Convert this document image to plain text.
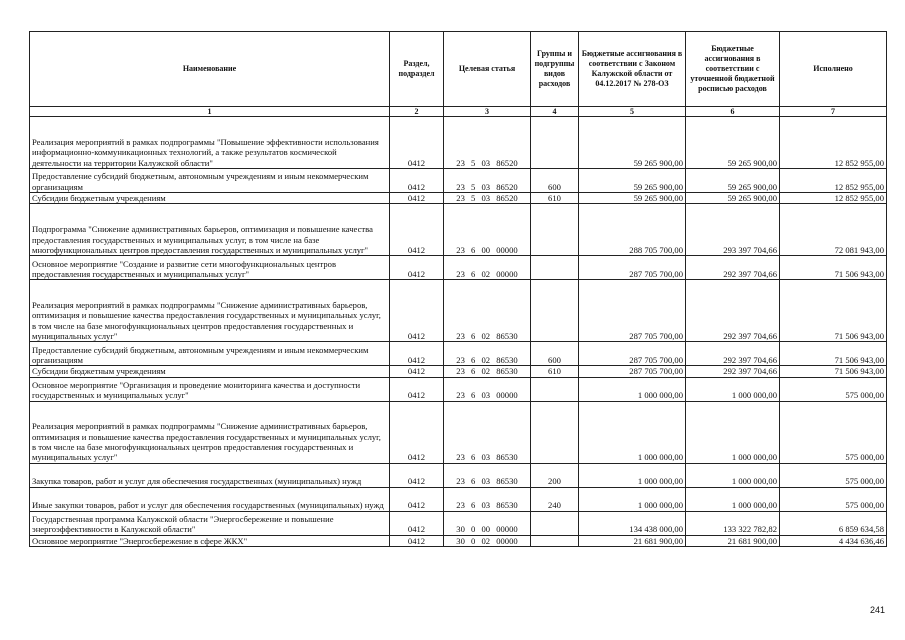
Наименование	Раздел, подраздел	Целевая статья	Группы и подгруппы видов расходов	Бюджетные ассигнования в соответствии с Законом Калужской области от 04.12.2017 № 278-ОЗ	Бюджетные ассигнования в соответствии с уточненной бюджетной росписью расходов	Исполнено
1	2	3	4	5	6	7
Реализация мероприятий в рамках подпрограммы "Повышение эффективности использования информационно-коммуникационных технологий, а также результатов космической деятельности на территории Калужской области"	0412	23 5 03 86520		59 265 900,00	59 265 900,00	12 852 955,00
Предоставление субсидий бюджетным, автономным учреждениям и иным некоммерческим организациям	0412	23 5 03 86520	600	59 265 900,00	59 265 900,00	12 852 955,00
Субсидии бюджетным учреждениям	0412	23 5 03 86520	610	59 265 900,00	59 265 900,00	12 852 955,00
Подпрограмма "Снижение административных барьеров, оптимизация и повышение качества предоставления государственных и муниципальных услуг, в том числе на базе многофункциональных центров предоставления государственных и муниципальных услуг"	0412	23 6 00 00000		288 705 700,00	293 397 704,66	72 081 943,00
Основное мероприятие "Создание и развитие сети многофункциональных центров предоставления государственных и муниципальных услуг"	0412	23 6 02 00000		287 705 700,00	292 397 704,66	71 506 943,00
Реализация мероприятий в рамках подпрограммы "Снижение административных барьеров, оптимизация и повышение качества предоставления государственных и муниципальных услуг, в том числе на базе многофункциональных центров предоставления государственных и муниципальных услуг"	0412	23 6 02 86530		287 705 700,00	292 397 704,66	71 506 943,00
Предоставление субсидий бюджетным, автономным учреждениям и иным некоммерческим организациям	0412	23 6 02 86530	600	287 705 700,00	292 397 704,66	71 506 943,00
Субсидии бюджетным учреждениям	0412	23 6 02 86530	610	287 705 700,00	292 397 704,66	71 506 943,00
Основное мероприятие "Организация и проведение мониторинга качества и доступности государственных и муниципальных услуг"	0412	23 6 03 00000		1 000 000,00	1 000 000,00	575 000,00
Реализация мероприятий в рамках подпрограммы "Снижение административных барьеров, оптимизация и повышение качества предоставления государственных и муниципальных услуг, в том числе на базе многофункциональных центров предоставления государственных и муниципальных услуг"	0412	23 6 03 86530		1 000 000,00	1 000 000,00	575 000,00
Закупка товаров, работ и услуг для обеспечения государственных (муниципальных) нужд	0412	23 6 03 86530	200	1 000 000,00	1 000 000,00	575 000,00
Иные закупки товаров, работ и услуг для обеспечения государственных (муниципальных) нужд	0412	23 6 03 86530	240	1 000 000,00	1 000 000,00	575 000,00
Государственная программа Калужской области "Энергосбережение и повышение энергоэффективности в Калужской области"	0412	30 0 00 00000		134 438 000,00	133 322 782,82	6 859 634,58
Основное мероприятие "Энергосбережение в сфере ЖКХ"	0412	30 0 02 00000		21 681 900,00	21 681 900,00	4 434 636,46
241
